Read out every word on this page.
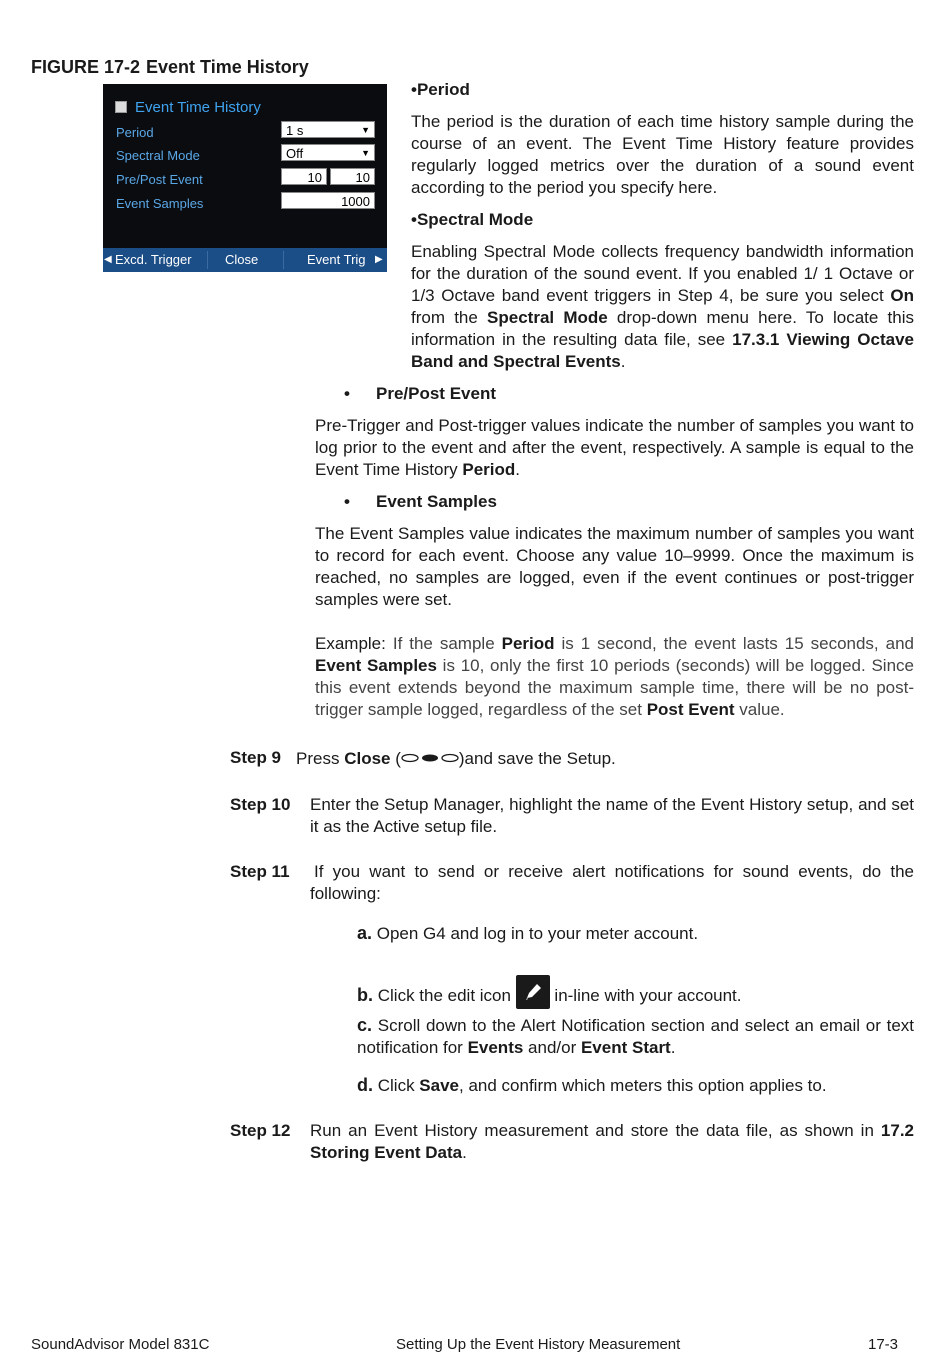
FIGURE 17-2 Event Time History
Event Time History
Period	1 s ▼
Spectral Mode	Off ▼
Pre/Post Event	10	10
Event Samples	1000
◀ Excd. Trigger	Close	Event Trig ▶
•Period
The period is the duration of each time history sample during the course of an event. The Event Time History feature provides regularly logged metrics over the duration of a sound event according to the period you specify here.
•Spectral Mode
Enabling Spectral Mode collects frequency bandwidth information for the duration of the sound event. If you enabled 1/ 1 Octave or 1/3 Octave band event triggers in Step 4, be sure you select On from the Spectral Mode drop-down menu here. To locate this information in the resulting data file, see 17.3.1 Viewing Octave Band and Spectral Events.
• Pre/Post Event
Pre-Trigger and Post-trigger values indicate the number of samples you want to log prior to the event and after the event, respectively. A sample is equal to the Event Time History Period.
• Event Samples
The Event Samples value indicates the maximum number of samples you want to record for each event. Choose any value 10–9999. Once the maximum is reached, no samples are logged, even if the event continues or post-trigger samples were set.
Example: If the sample Period is 1 second, the event lasts 15 seconds, and Event Samples is 10, only the first 10 periods (seconds) will be logged. Since this event extends beyond the maximum sample time, there will be no post-trigger sample logged, regardless of the set Post Event value.
Step 9 Press Close (	)and save the Setup.
Step 10 Enter the Setup Manager, highlight the name of the Event History setup, and set it as the Active setup file.
Step 11 If you want to send or receive alert notifications for sound events, do the following:
a. Open G4 and log in to your meter account.
b. Click the edit icon
in-line with your account.
c. Scroll down to the Alert Notification section and select an email or text notification for Events and/or Event Start.
d. Click Save, and confirm which meters this option applies to.
Step 12 Run an Event History measurement and store the data file, as shown in 17.2 Storing Event Data.
SoundAdvisor Model 831C	Setting Up the Event History Measurement	17-3
